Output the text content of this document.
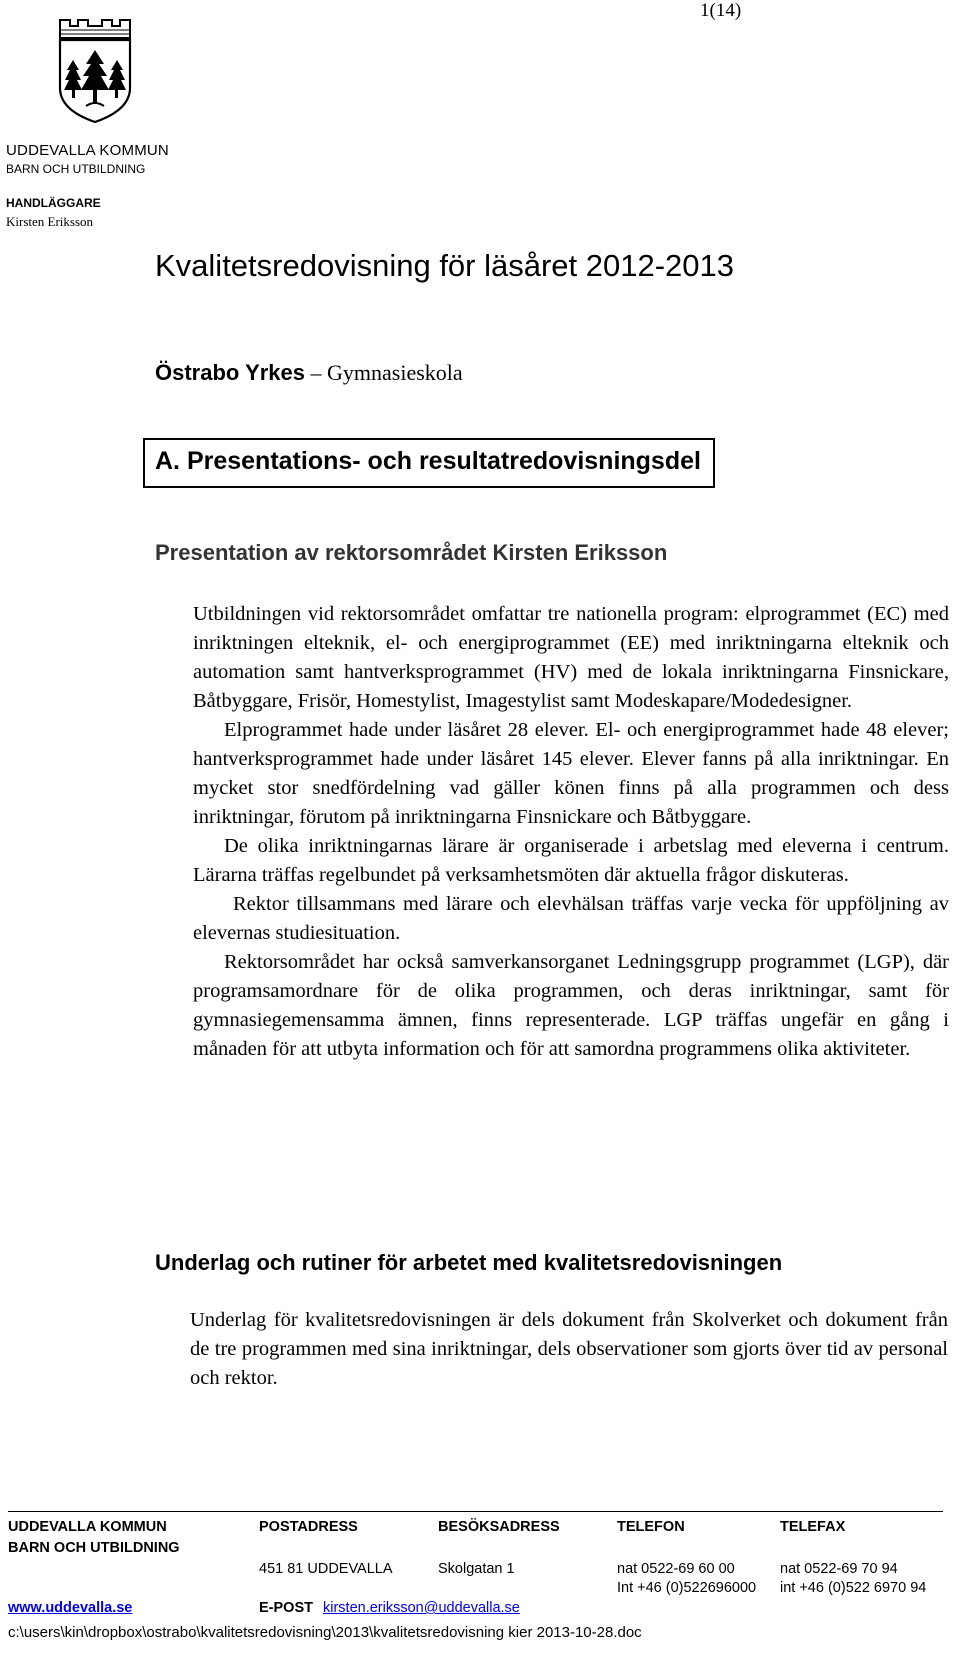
1(14)
UDDEVALLA KOMMUN
BARN OCH UTBILDNING
HANDLÄGGARE
Kirsten Eriksson
Kvalitetsredovisning för läsåret 2012-2013
Östrabo Yrkes – Gymnasieskola
A. Presentations- och resultatredovisningsdel
Presentation av rektorsområdet Kirsten Eriksson

Utbildningen vid rektorsområdet omfattar tre nationella program: elprogrammet (EC) med inriktningen elteknik, el- och energiprogrammet (EE) med inriktningarna elteknik och automation samt hantverksprogrammet (HV) med de lokala inriktningarna Finsnickare, Båtbyggare, Frisör, Homestylist, Imagestylist samt Modeskapare/Modedesigner.

Elprogrammet hade under läsåret 28 elever. El- och energiprogrammet hade 48 elever; hantverksprogrammet hade under läsåret 145 elever. Elever fanns på alla inriktningar. En mycket stor snedfördelning vad gäller könen finns på alla programmen och dess inriktningar, förutom på inriktningarna Finsnickare och Båtbyggare.

De olika inriktningarnas lärare är organiserade i arbetslag med eleverna i centrum. Lärarna träffas regelbundet på verksamhetsmöten där aktuella frågor diskuteras.

Rektor tillsammans med lärare och elevhälsan träffas varje vecka för uppföljning av elevernas studiesituation.

Rektorsområdet har också samverkansorganet Ledningsgrupp programmet (LGP), där programsamordnare för de olika programmen, och deras inriktningar, samt för gymnasiegemensamma ämnen, finns representerade. LGP träffas ungefär en gång i månaden för att utbyta information och för att samordna programmens olika aktiviteter.

Underlag och rutiner för arbetet med kvalitetsredovisningen

Underlag för kvalitetsredovisningen är dels dokument från Skolverket och dokument från de tre programmen med sina inriktningar, dels observationer som gjorts över tid av personal och rektor.

UDDEVALLA KOMMUN
BARN OCH UTBILDNING
www.uddevalla.se
POSTADRESS
451 81 UDDEVALLA
E-POST kirsten.eriksson@uddevalla.se
BESÖKSADRESS
Skolgatan 1
TELEFON
nat 0522-69 60 00
Int +46 (0)522696000
TELEFAX
nat 0522-69 70 94
int +46 (0)522 6970 94
c:\users\kin\dropbox\ostrabo\kvalitetsredovisning\2013\kvalitetsredovisning kier 2013-10-28.doc
